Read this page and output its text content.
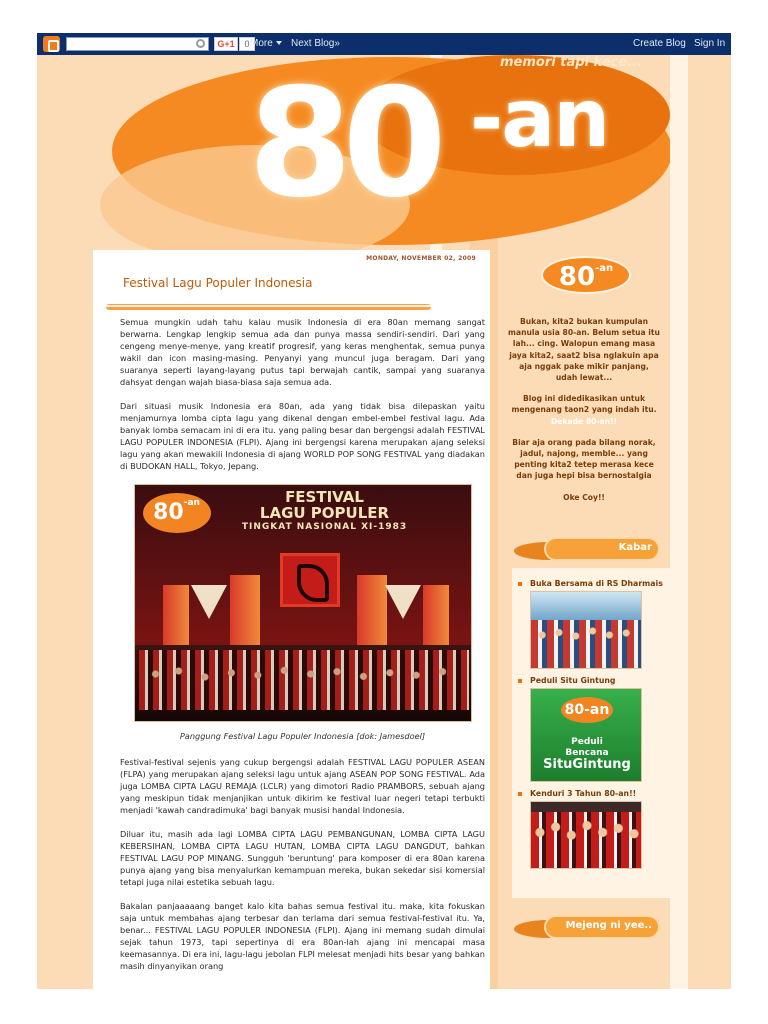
G+1	0 More	Next Blog»	Create Blog Sign In
memori tapi kece...
80 -an
MONDAY, NOVEMBER 02, 2009
Festival Lagu Populer Indonesia

Semua mungkin udah tahu kalau musik Indonesia di era 80an memang sangat berwarna. Lengkap lengkip semua ada dan punya massa sendiri-sendiri. Dari yang cengeng menye-menye, yang kreatif progresif, yang keras menghentak, semua punya wakil dan icon masing-masing. Penyanyi yang muncul juga beragam. Dari yang suaranya seperti layang-layang putus tapi berwajah cantik, sampai yang suaranya dahsyat dengan wajah biasa-biasa saja semua ada.

Dari situasi musik Indonesia era 80an, ada yang tidak bisa dilepaskan yaitu menjamurnya lomba cipta lagu yang dikenal dengan embel-embel festival lagu. Ada banyak lomba semacam ini di era itu. yang paling besar dan bergengsi adalah FESTIVAL LAGU POPULER INDONESIA (FLPI). Ajang ini bergengsi karena merupakan ajang seleksi lagu yang akan mewakili Indonesia di ajang WORLD POP SONG FESTIVAL yang diadakan di BUDOKAN HALL, Tokyo, Jepang.

FESTIVAL
LAGU POPULER
TINGKAT NASIONAL XI-1983
$80^{-an}$

Panggung Festival Lagu Populer Indonesia [dok: Jamesdoel]

Festival-festival sejenis yang cukup bergengsi adalah FESTIVAL LAGU POPULER ASEAN (FLPA) yang merupakan ajang seleksi lagu untuk ajang ASEAN POP SONG FESTIVAL. Ada juga LOMBA CIPTA LAGU REMAJA (LCLR) yang dimotori Radio PRAMBORS, sebuah ajang yang meskipun tidak menjanjikan untuk dikirim ke festival luar negeri tetapi terbukti menjadi 'kawah candradimuka' bagi banyak musisi handal Indonesia.

Diluar itu, masih ada lagi LOMBA CIPTA LAGU PEMBANGUNAN, LOMBA CIPTA LAGU KEBERSIHAN, LOMBA CIPTA LAGU HUTAN, LOMBA CIPTA LAGU DANGDUT, bahkan FESTIVAL LAGU POP MINANG. Sungguh 'beruntung' para komposer di era 80an karena punya ajang yang bisa menyalurkan kemampuan mereka, bukan sekedar sisi komersial tetapi juga nilai estetika sebuah lagu.

Bakalan panjaaaaang banget kalo kita bahas semua festival itu. maka, kita fokuskan saja untuk membahas ajang terbesar dan terlama dari semua festival-festival itu. Ya, benar... FESTIVAL LAGU POPULER INDONESIA (FLPI). Ajang ini memang sudah dimulai sejak tahun 1973, tapi sepertinya di era 80an-lah ajang ini mencapai masa keemasannya. Di era ini, lagu-lagu jebolan FLPI melesat menjadi hits besar yang bahkan masih dinyanyikan orang

$80^{-an}$

Bukan, kita2 bukan kumpulan manula usia 80-an. Belum setua itu lah... cing. Walopun emang masa jaya kita2, saat2 bisa nglakuin apa aja nggak pake mikir panjang, udah lewat...

Blog ini didedikasikan untuk mengenang taon2 yang indah itu. Dekade 80-an!!

Biar aja orang pada bilang norak, jadul, najong, memble... yang penting kita2 tetep merasa kece dan juga hepi bisa bernostalgia

Oke Coy!!

Kabar
Buka Bersama di RS Dharmais
Peduli Situ Gintung
80-an
Peduli
Bencana
SituGintung
Kenduri 3 Tahun 80-an!!
Mejeng ni yee..
